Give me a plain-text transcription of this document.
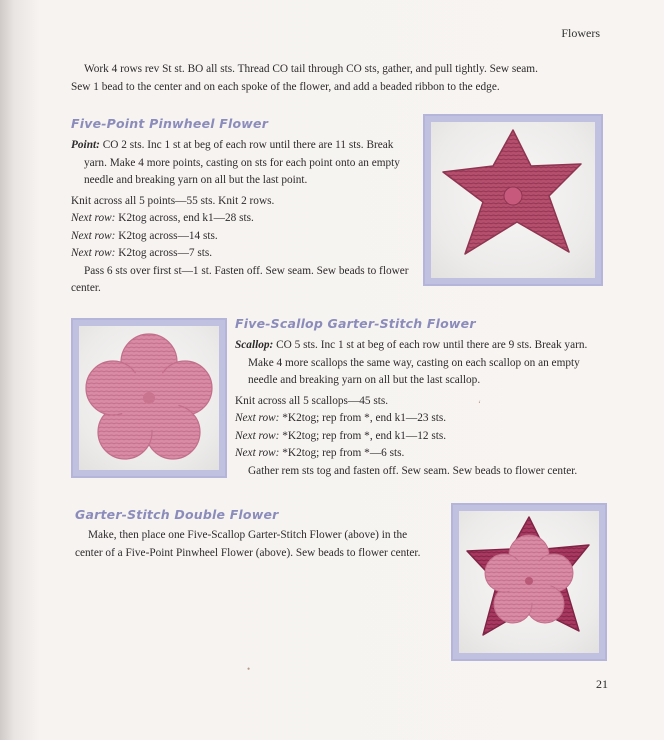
Flowers

Work 4 rows rev St st. BO all sts. Thread CO tail through CO sts, gather, and pull tightly. Sew seam.

Sew 1 bead to the center and on each spoke of the flower, and add a beaded ribbon to the edge.

Five-Point Pinwheel Flower

Point: CO 2 sts. Inc 1 st at beg of each row until there are 11 sts. Break yarn. Make 4 more points, casting on sts for each point onto an empty needle and breaking yarn on all but the last point.

Knit across all 5 points—55 sts. Knit 2 rows.

Next row: K2tog across, end k1—28 sts.

Next row: K2tog across—14 sts.

Next row: K2tog across—7 sts.

Pass 6 sts over first st—1 st. Fasten off. Sew seam. Sew beads to flower center.

Five-Scallop Garter-Stitch Flower

Scallop: CO 5 sts. Inc 1 st at beg of each row until there are 9 sts. Break yarn. Make 4 more scallops the same way, casting on each scallop on an empty needle and breaking yarn on all but the last scallop.

Knit across all 5 scallops—45 sts.

Next row: *K2tog; rep from *, end k1—23 sts.

Next row: *K2tog; rep from *, end k1—12 sts.

Next row: *K2tog; rep from *—6 sts.

Gather rem sts tog and fasten off. Sew seam. Sew beads to flower center.

Garter-Stitch Double Flower

Make, then place one Five-Scallop Garter-Stitch Flower (above) in the center of a Five-Point Pinwheel Flower (above). Sew beads to flower center.

21
‘
•
